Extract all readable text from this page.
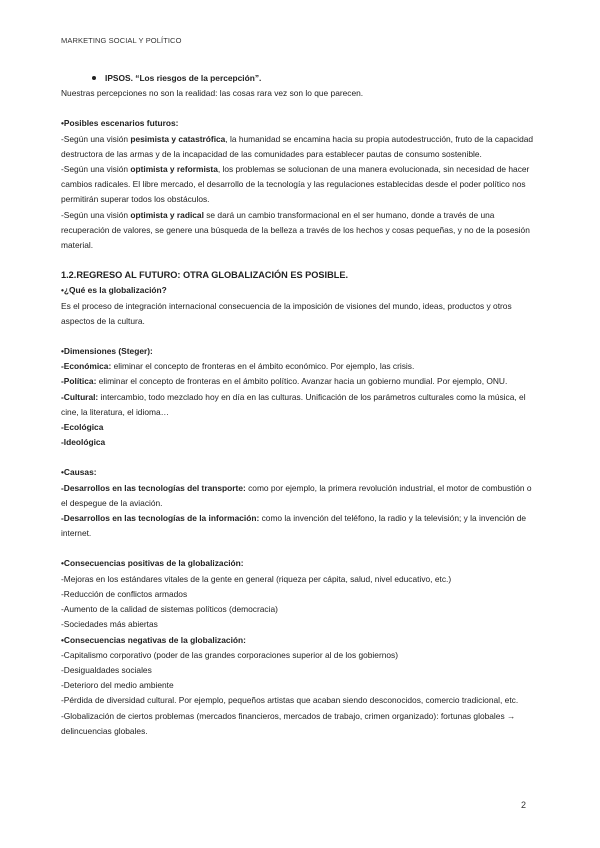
MARKETING SOCIAL Y POLÍTICO

IPSOS. “Los riesgos de la percepción”.

Nuestras percepciones no son la realidad: las cosas rara vez son lo que parecen.

•Posibles escenarios futuros:

-Según una visión pesimista y catastrófica, la humanidad se encamina hacia su propia autodestrucción, fruto de la capacidad destructora de las armas y de la incapacidad de las comunidades para establecer pautas de consumo sostenible.

-Según una visión optimista y reformista, los problemas se solucionan de una manera evolucionada, sin necesidad de hacer cambios radicales. El libre mercado, el desarrollo de la tecnología y las regulaciones establecidas desde el poder político nos permitirán superar todos los obstáculos.

-Según una visión optimista y radical se dará un cambio transformacional en el ser humano, donde a través de una recuperación de valores, se genere una búsqueda de la belleza a través de los hechos y cosas pequeñas, y no de la posesión material.

1.2.REGRESO AL FUTURO: OTRA GLOBALIZACIÓN ES POSIBLE.

•¿Qué es la globalización?

Es el proceso de integración internacional consecuencia de la imposición de visiones del mundo, ideas, productos y otros aspectos de la cultura.

•Dimensiones (Steger):

-Económica: eliminar el concepto de fronteras en el ámbito económico. Por ejemplo, las crisis.

-Política: eliminar el concepto de fronteras en el ámbito político. Avanzar hacia un gobierno mundial. Por ejemplo, ONU.

-Cultural: intercambio, todo mezclado hoy en día en las culturas. Unificación de los parámetros culturales como la música, el cine, la literatura, el idioma…

-Ecológica

-Ideológica

•Causas:

-Desarrollos en las tecnologías del transporte: como por ejemplo, la primera revolución industrial, el motor de combustión o el despegue de la aviación.

-Desarrollos en las tecnologías de la información: como la invención del teléfono, la radio y la televisión; y la invención de internet.

•Consecuencias positivas de la globalización:

-Mejoras en los estándares vitales de la gente en general (riqueza per cápita, salud, nivel educativo, etc.)

-Reducción de conflictos armados

-Aumento de la calidad de sistemas políticos (democracia)

-Sociedades más abiertas

•Consecuencias negativas de la globalización:

-Capitalismo corporativo (poder de las grandes corporaciones superior al de los gobiernos)

-Desigualdades sociales

-Deterioro del medio ambiente

-Pérdida de diversidad cultural. Por ejemplo, pequeños artistas que acaban siendo desconocidos, comercio tradicional, etc.

-Globalización de ciertos problemas (mercados financieros, mercados de trabajo, crimen organizado): fortunas globales → delincuencias globales.

2
